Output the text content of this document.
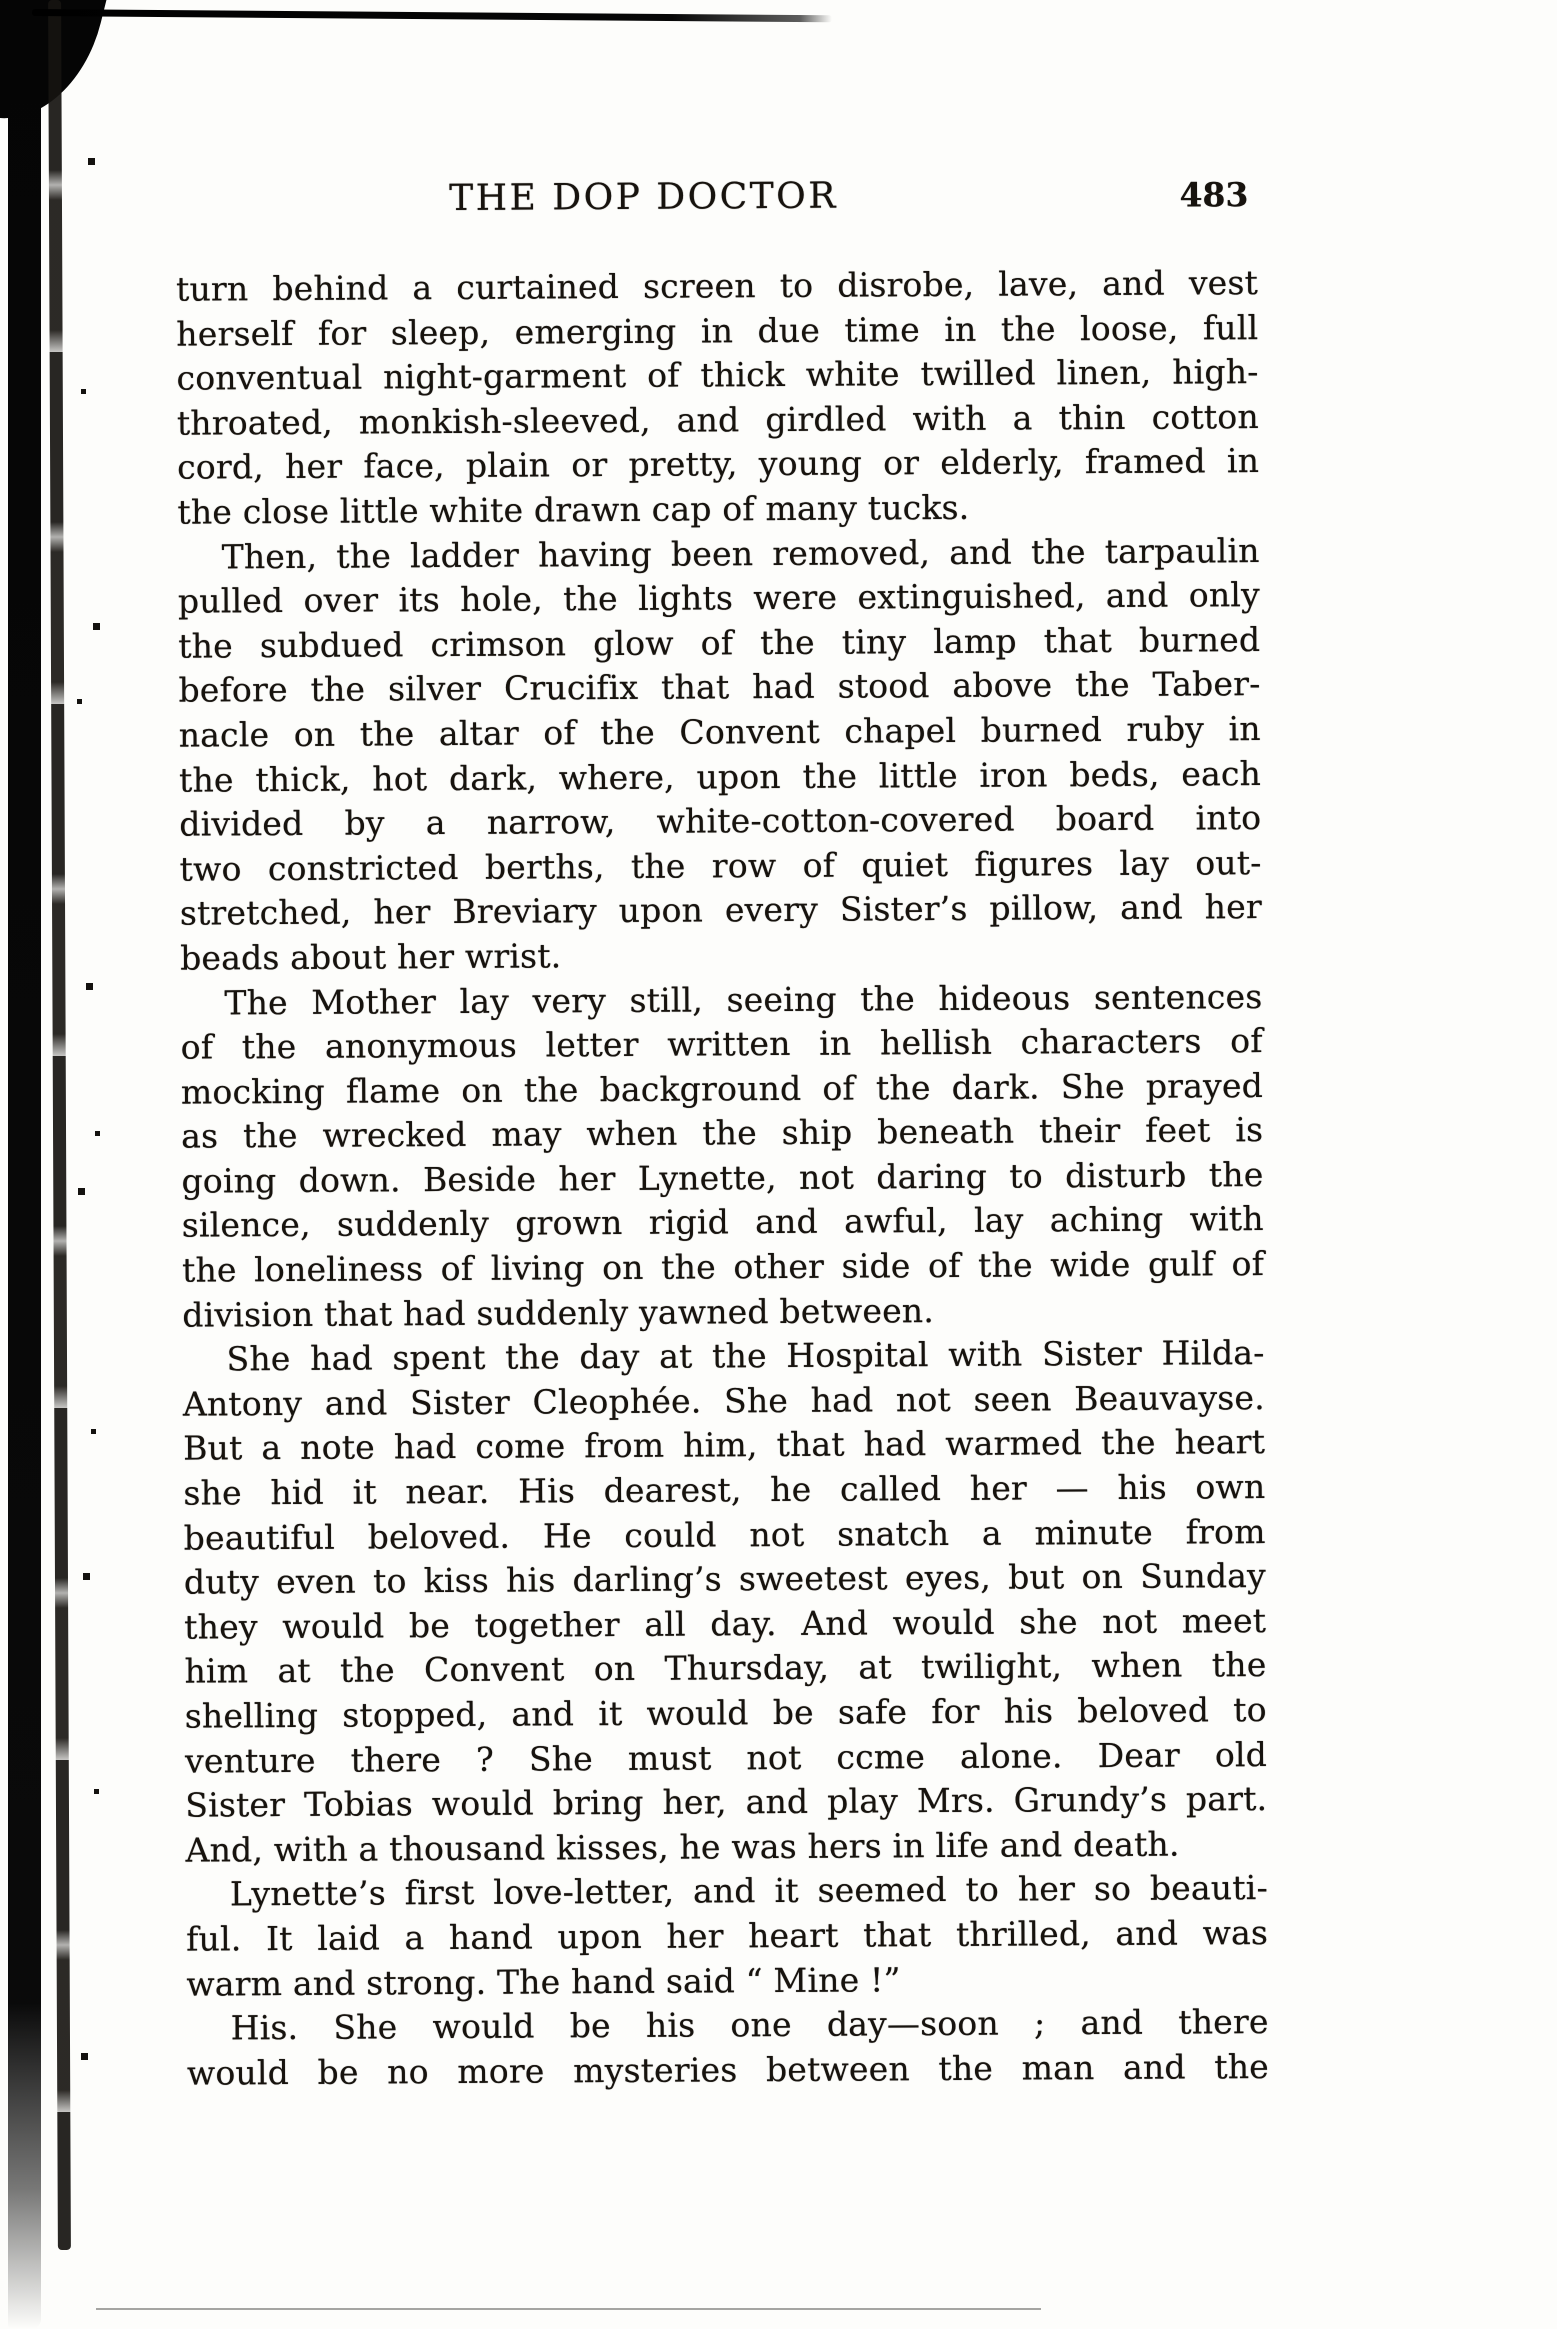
THE DOP DOCTOR	483

turn behind a curtained screen to disrobe, lave, and vest
herself for sleep, emerging in due time in the loose, full
conventual night-garment of thick white twilled linen, high-
throated, monkish-sleeved, and girdled with a thin cotton
cord, her face, plain or pretty, young or elderly, framed in
the close little white drawn cap of many tucks.

Then, the ladder having been removed, and the tarpaulin
pulled over its hole, the lights were extinguished, and only
the subdued crimson glow of the tiny lamp that burned
before the silver Crucifix that had stood above the Taber-
nacle on the altar of the Convent chapel burned ruby in
the thick, hot dark, where, upon the little iron beds, each
divided by a narrow, white-cotton-covered board into
two constricted berths, the row of quiet figures lay out-
stretched, her Breviary upon every Sister’s pillow, and her
beads about her wrist.

The Mother lay very still, seeing the hideous sentences
of the anonymous letter written in hellish characters of
mocking flame on the background of the dark. She prayed
as the wrecked may when the ship beneath their feet is
going down. Beside her Lynette, not daring to disturb the
silence, suddenly grown rigid and awful, lay aching with
the loneliness of living on the other side of the wide gulf of
division that had suddenly yawned between.

She had spent the day at the Hospital with Sister Hilda-
Antony and Sister Cleophée. She had not seen Beauvayse.
But a note had come from him, that had warmed the heart
she hid it near. His dearest, he called her — his own
beautiful beloved. He could not snatch a minute from
duty even to kiss his darling’s sweetest eyes, but on Sunday
they would be together all day. And would she not meet
him at the Convent on Thursday, at twilight, when the
shelling stopped, and it would be safe for his beloved to
venture there ? She must not ccme alone. Dear old
Sister Tobias would bring her, and play Mrs. Grundy’s part.
And, with a thousand kisses, he was hers in life and death.

Lynette’s first love-letter, and it seemed to her so beauti-
ful. It laid a hand upon her heart that thrilled, and was
warm and strong. The hand said “ Mine !”

His. She would be his one day—soon ; and there
would be no more mysteries between the man and the
